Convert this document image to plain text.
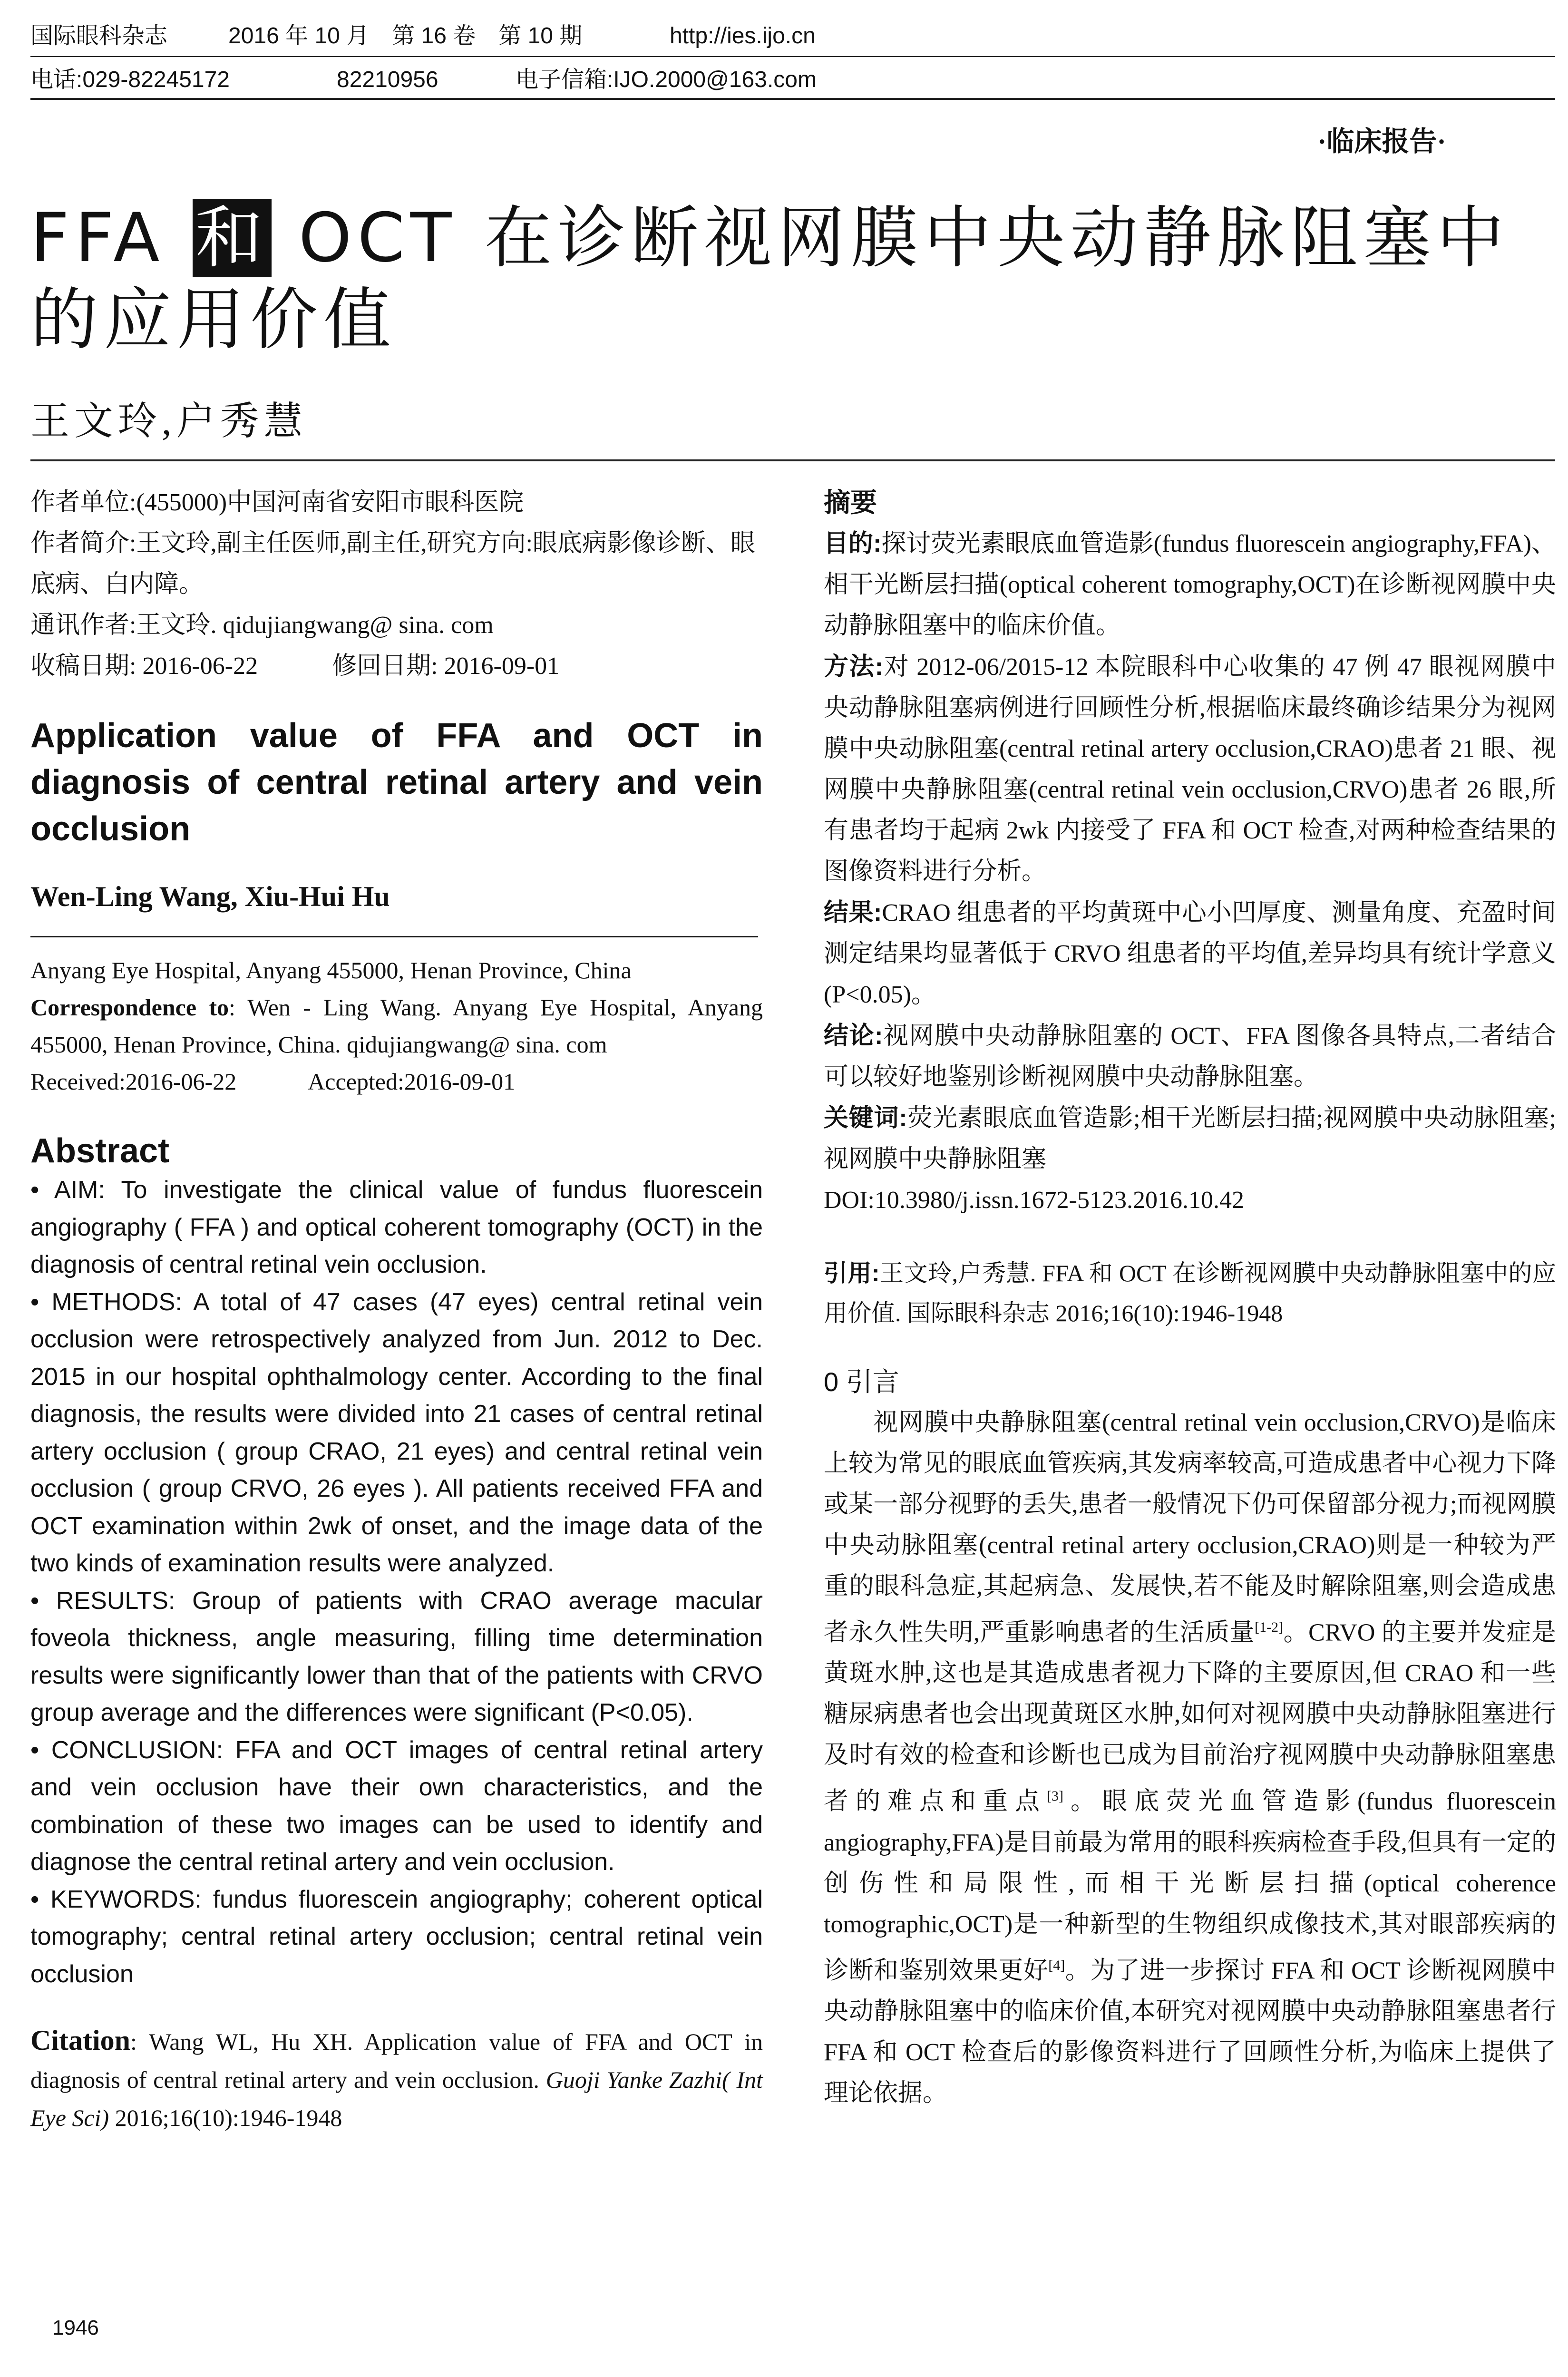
国际眼科杂志	2016 年 10 月　第 16 卷　第 10 期	http://ies.ijo.cn
电话:029-82245172	82210956	电子信箱:IJO.2000@163.com
·临床报告·
FFA 和 OCT 在诊断视网膜中央动静脉阻塞中的应用价值
王文玲,户秀慧

作者单位:(455000)中国河南省安阳市眼科医院

作者简介:王文玲,副主任医师,副主任,研究方向:眼底病影像诊断、眼底病、白内障。

通讯作者:王文玲. qidujiangwang@ sina. com

收稿日期: 2016-06-22　　　修回日期: 2016-09-01

Application value of FFA and OCT in diagnosis of central retinal artery and vein occlusion

Wen-Ling Wang, Xiu-Hui Hu

Anyang Eye Hospital, Anyang 455000, Henan Province, China

Correspondence to: Wen - Ling Wang. Anyang Eye Hospital, Anyang 455000, Henan Province, China. qidujiangwang@ sina. com

Received:2016-06-22　　　Accepted:2016-09-01

Abstract

• AIM: To investigate the clinical value of fundus fluorescein angiography ( FFA ) and optical coherent tomography (OCT) in the diagnosis of central retinal vein occlusion.

• METHODS: A total of 47 cases (47 eyes) central retinal vein occlusion were retrospectively analyzed from Jun. 2012 to Dec. 2015 in our hospital ophthalmology center. According to the final diagnosis, the results were divided into 21 cases of central retinal artery occlusion ( group CRAO, 21 eyes) and central retinal vein occlusion ( group CRVO, 26 eyes ). All patients received FFA and OCT examination within 2wk of onset, and the image data of the two kinds of examination results were analyzed.

• RESULTS: Group of patients with CRAO average macular foveola thickness, angle measuring, filling time determination results were significantly lower than that of the patients with CRVO group average and the differences were significant (P<0.05).

• CONCLUSION: FFA and OCT images of central retinal artery and vein occlusion have their own characteristics, and the combination of these two images can be used to identify and diagnose the central retinal artery and vein occlusion.

• KEYWORDS: fundus fluorescein angiography; coherent optical tomography; central retinal artery occlusion; central retinal vein occlusion

Citation: Wang WL, Hu XH. Application value of FFA and OCT in diagnosis of central retinal artery and vein occlusion. Guoji Yanke Zazhi( Int Eye Sci) 2016;16(10):1946-1948

摘要

目的:探讨荧光素眼底血管造影(fundus fluorescein angiography,FFA)、相干光断层扫描(optical coherent tomography,OCT)在诊断视网膜中央动静脉阻塞中的临床价值。

方法:对 2012-06/2015-12 本院眼科中心收集的 47 例 47 眼视网膜中央动静脉阻塞病例进行回顾性分析,根据临床最终确诊结果分为视网膜中央动脉阻塞(central retinal artery occlusion,CRAO)患者 21 眼、视网膜中央静脉阻塞(central retinal vein occlusion,CRVO)患者 26 眼,所有患者均于起病 2wk 内接受了 FFA 和 OCT 检查,对两种检查结果的图像资料进行分析。

结果:CRAO 组患者的平均黄斑中心小凹厚度、测量角度、充盈时间测定结果均显著低于 CRVO 组患者的平均值,差异均具有统计学意义(P<0.05)。

结论:视网膜中央动静脉阻塞的 OCT、FFA 图像各具特点,二者结合可以较好地鉴别诊断视网膜中央动静脉阻塞。

关键词:荧光素眼底血管造影;相干光断层扫描;视网膜中央动脉阻塞;视网膜中央静脉阻塞

DOI:10.3980/j.issn.1672-5123.2016.10.42

引用:王文玲,户秀慧. FFA 和 OCT 在诊断视网膜中央动静脉阻塞中的应用价值. 国际眼科杂志 2016;16(10):1946-1948

0 引言

视网膜中央静脉阻塞(central retinal vein occlusion,CRVO)是临床上较为常见的眼底血管疾病,其发病率较高,可造成患者中心视力下降或某一部分视野的丢失,患者一般情况下仍可保留部分视力;而视网膜中央动脉阻塞(central retinal artery occlusion,CRAO)则是一种较为严重的眼科急症,其起病急、发展快,若不能及时解除阻塞,则会造成患者永久性失明,严重影响患者的生活质量[1-2]。CRVO 的主要并发症是黄斑水肿,这也是其造成患者视力下降的主要原因,但 CRAO 和一些糖尿病患者也会出现黄斑区水肿,如何对视网膜中央动静脉阻塞进行及时有效的检查和诊断也已成为目前治疗视网膜中央动静脉阻塞患者的难点和重点[3]。眼底荧光血管造影(fundus fluorescein angiography,FFA)是目前最为常用的眼科疾病检查手段,但具有一定的创伤性和局限性,而相干光断层扫描(optical coherence tomographic,OCT)是一种新型的生物组织成像技术,其对眼部疾病的诊断和鉴别效果更好[4]。为了进一步探讨 FFA 和 OCT 诊断视网膜中央动静脉阻塞中的临床价值,本研究对视网膜中央动静脉阻塞患者行 FFA 和 OCT 检查后的影像资料进行了回顾性分析,为临床上提供了理论依据。

1946
